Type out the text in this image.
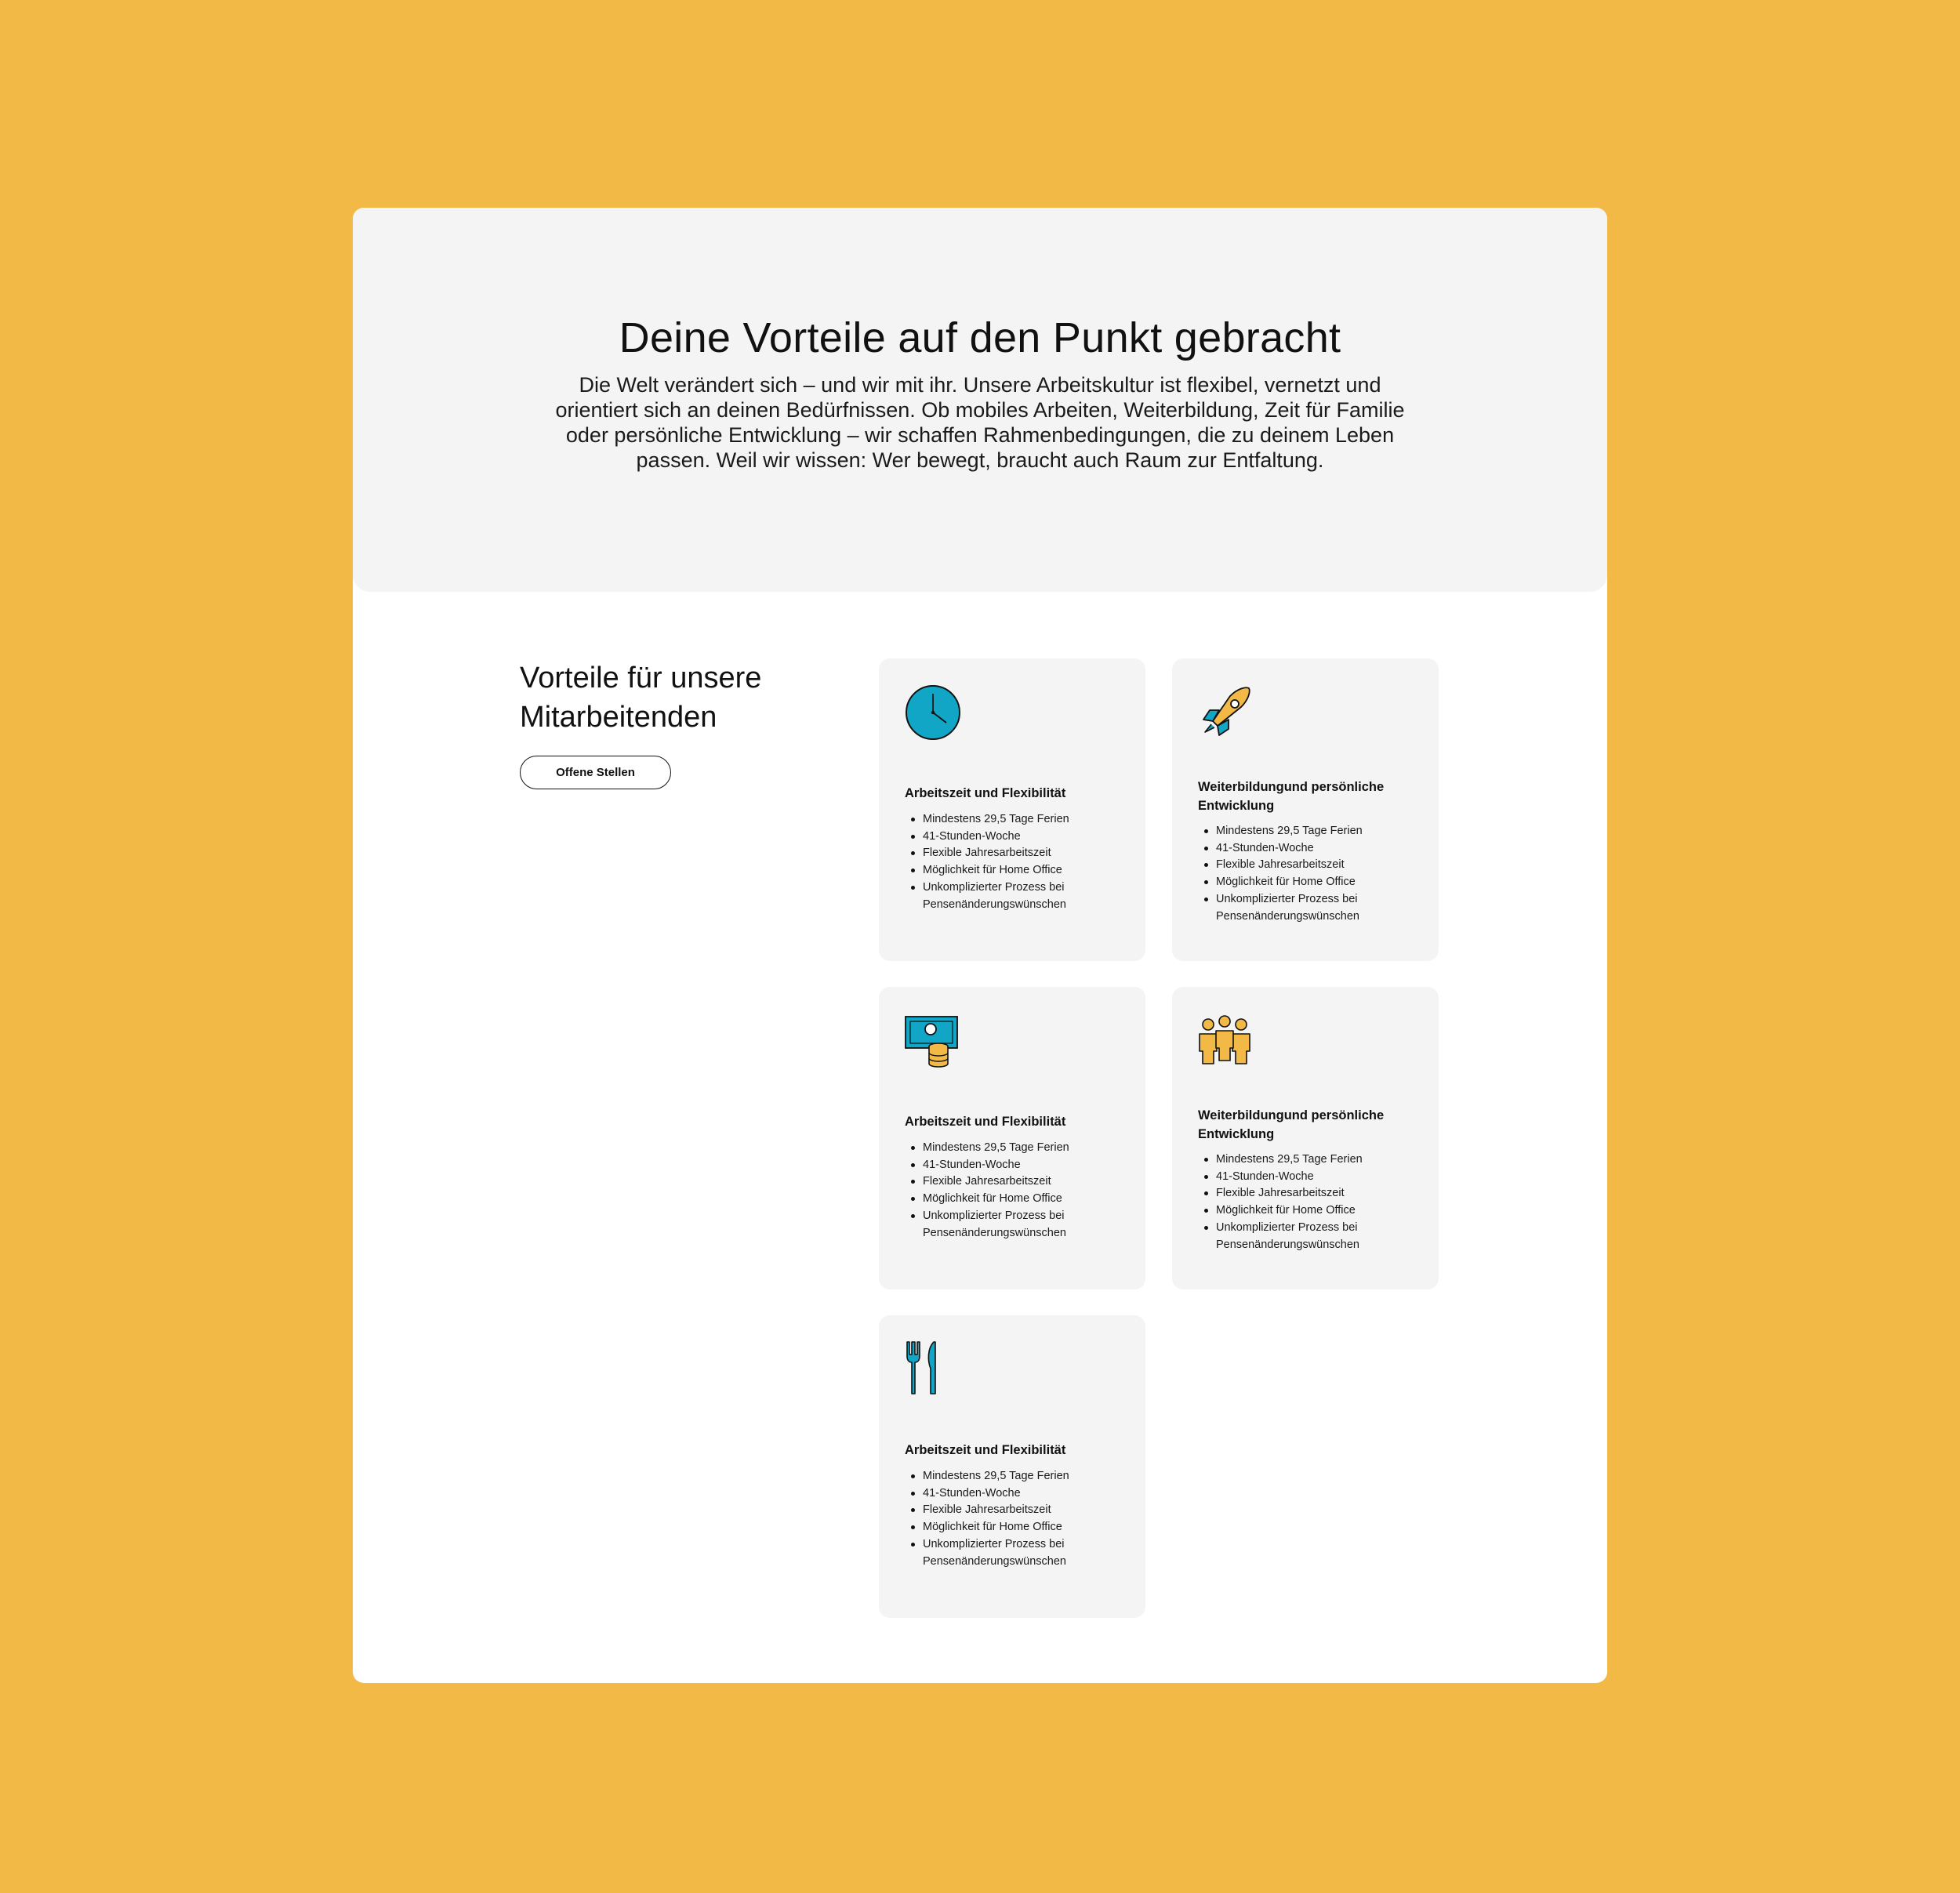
Deine Vorteile auf den Punkt gebracht

Die Welt verändert sich – und wir mit ihr. Unsere Arbeitskultur ist flexibel, vernetzt und orientiert sich an deinen Bedürfnissen. Ob mobiles Arbeiten, Weiterbildung, Zeit für Familie oder persönliche Entwicklung – wir schaffen Rahmenbedingungen, die zu deinem Leben passen. Weil wir wissen: Wer bewegt, braucht auch Raum zur Entfaltung.

Vorteile für unsere Mitarbeitenden
Offene Stellen
Arbeitszeit und Flexibilität
Mindestens 29,5 Tage Ferien
41-Stunden-Woche
Flexible Jahresarbeitszeit
Möglichkeit für Home Office
Unkomplizierter Prozess bei Pensenänderungswünschen
Weiterbildungund persönliche Entwicklung
Mindestens 29,5 Tage Ferien
41-Stunden-Woche
Flexible Jahresarbeitszeit
Möglichkeit für Home Office
Unkomplizierter Prozess bei Pensenänderungswünschen
Arbeitszeit und Flexibilität
Mindestens 29,5 Tage Ferien
41-Stunden-Woche
Flexible Jahresarbeitszeit
Möglichkeit für Home Office
Unkomplizierter Prozess bei Pensenänderungswünschen
Weiterbildungund persönliche Entwicklung
Mindestens 29,5 Tage Ferien
41-Stunden-Woche
Flexible Jahresarbeitszeit
Möglichkeit für Home Office
Unkomplizierter Prozess bei Pensenänderungswünschen
Arbeitszeit und Flexibilität
Mindestens 29,5 Tage Ferien
41-Stunden-Woche
Flexible Jahresarbeitszeit
Möglichkeit für Home Office
Unkomplizierter Prozess bei Pensenänderungswünschen
